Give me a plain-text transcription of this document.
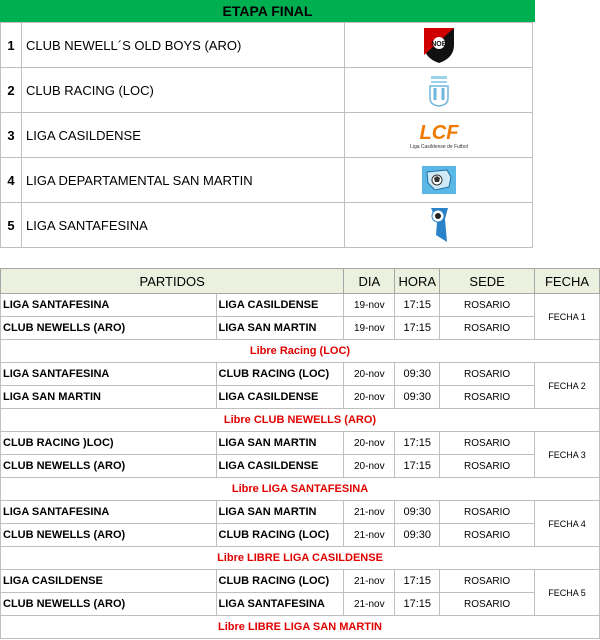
ETAPA FINAL
1	CLUB NEWELL´S OLD BOYS (ARO)	NOB

2	CLUB RACING (LOC)	
3	LIGA CASILDENSE	LCF
Liga Casildense de Futbol

4	LIGA DEPARTAMENTAL SAN MARTIN	
5	LIGA SANTAFESINA	
PARTIDOS		DIA	HORA	SEDE	FECHA
LIGA SANTAFESINA	LIGA CASILDENSE	19-nov	17:15	ROSARIO	FECHA 1
CLUB NEWELLS (ARO)	LIGA SAN MARTIN	19-nov	17:15	ROSARIO	
Libre Racing (LOC)					
LIGA SANTAFESINA	CLUB RACING (LOC)	20-nov	09:30	ROSARIO	FECHA 2
LIGA SAN MARTIN	LIGA CASILDENSE	20-nov	09:30	ROSARIO	
Libre CLUB NEWELLS (ARO)					
CLUB RACING )LOC)	LIGA SAN MARTIN	20-nov	17:15	ROSARIO	FECHA 3
CLUB NEWELLS (ARO)	LIGA CASILDENSE	20-nov	17:15	ROSARIO	
Libre LIGA SANTAFESINA					
LIGA SANTAFESINA	LIGA SAN MARTIN	21-nov	09:30	ROSARIO	FECHA 4
CLUB NEWELLS (ARO)	CLUB RACING (LOC)	21-nov	09:30	ROSARIO	
Libre LIBRE LIGA CASILDENSE					
LIGA CASILDENSE	CLUB RACING (LOC)	21-nov	17:15	ROSARIO	FECHA 5
CLUB NEWELLS (ARO)	LIGA SANTAFESINA	21-nov	17:15	ROSARIO	
Libre LIBRE LIGA SAN MARTIN					
